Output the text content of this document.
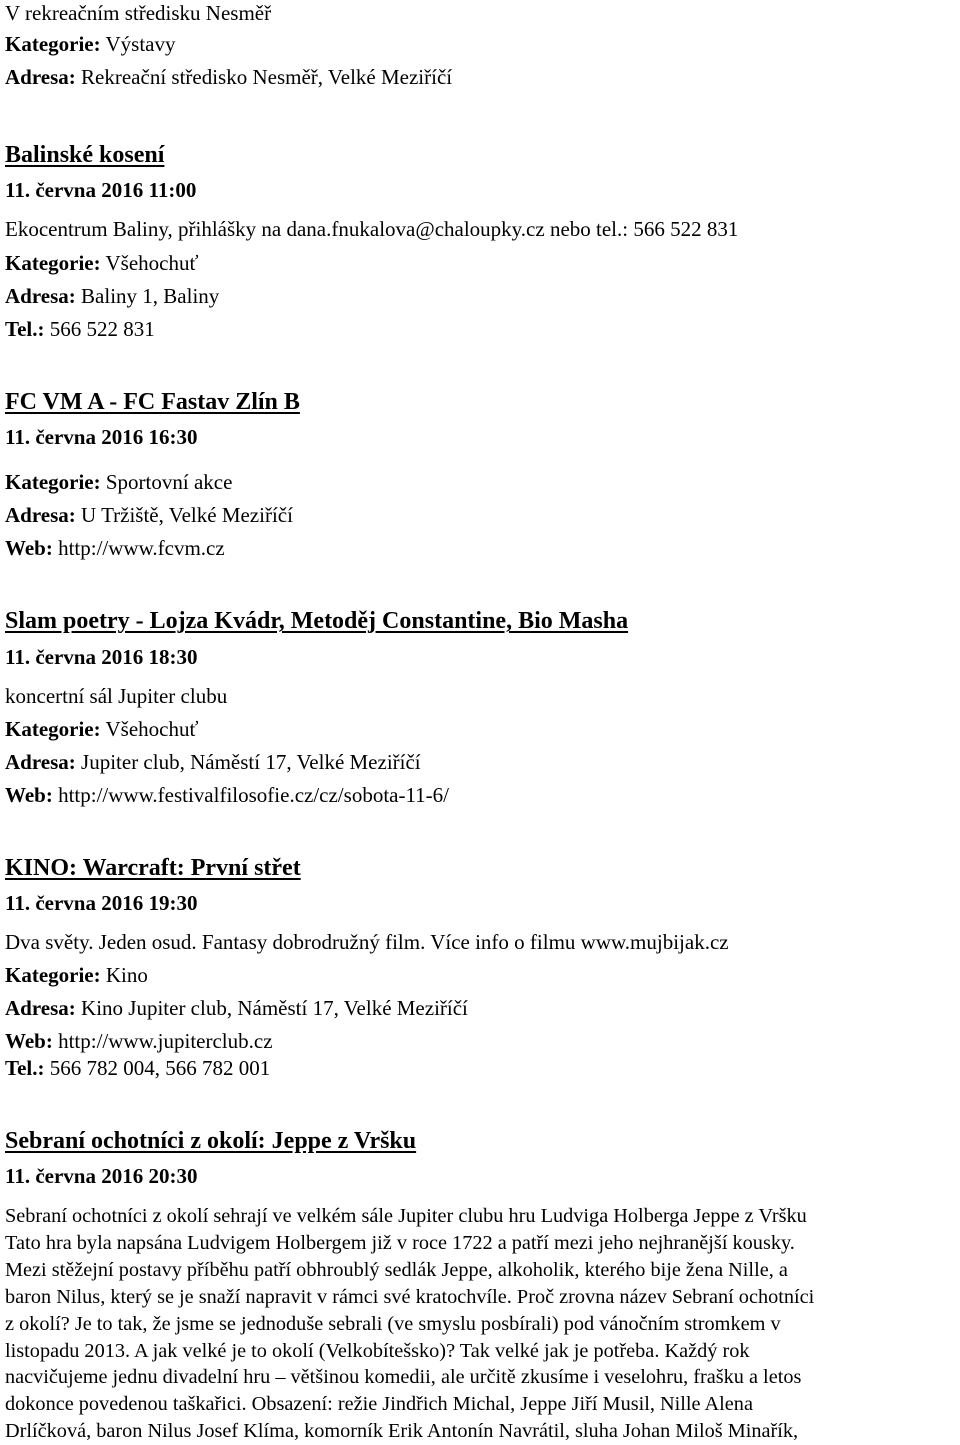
V rekreačním středisku Nesměř
Kategorie: Výstavy
Adresa: Rekreační středisko Nesměř, Velké Meziříčí
Balinské kosení
11. června 2016 11:00
Ekocentrum Baliny, přihlášky na dana.fnukalova@chaloupky.cz nebo tel.: 566 522 831
Kategorie: Všehochuť
Adresa: Baliny 1, Baliny
Tel.: 566 522 831
FC VM A - FC Fastav Zlín B
11. června 2016 16:30
Kategorie: Sportovní akce
Adresa: U Tržiště, Velké Meziříčí
Web: http://www.fcvm.cz
Slam poetry - Lojza Kvádr, Metoděj Constantine, Bio Masha
11. června 2016 18:30
koncertní sál Jupiter clubu
Kategorie: Všehochuť
Adresa: Jupiter club, Náměstí 17, Velké Meziříčí
Web: http://www.festivalfilosofie.cz/cz/sobota-11-6/
KINO: Warcraft: První střet
11. června 2016 19:30
Dva světy. Jeden osud. Fantasy dobrodružný film. Více info o filmu www.mujbijak.cz
Kategorie: Kino
Adresa: Kino Jupiter club, Náměstí 17, Velké Meziříčí
Web: http://www.jupiterclub.cz
Tel.: 566 782 004, 566 782 001
Sebraní ochotníci z okolí: Jeppe z Vršku
11. června 2016 20:30
Sebraní ochotníci z okolí sehrají ve velkém sále Jupiter clubu hru Ludviga Holberga Jeppe z Vršku
Tato hra byla napsána Ludvigem Holbergem již v roce 1722 a patří mezi jeho nejhranější kousky.
Mezi stěžejní postavy příběhu patří obhroublý sedlák Jeppe, alkoholik, kterého bije žena Nille, a
baron Nilus, který se je snaží napravit v rámci své kratochvíle. Proč zrovna název Sebraní ochotníci
z okolí? Je to tak, že jsme se jednoduše sebrali (ve smyslu posbírali) pod vánočním stromkem v
listopadu 2013. A jak velké je to okolí (Velkobítešsko)? Tak velké jak je potřeba. Každý rok
nacvičujeme jednu divadelní hru – většinou komedii, ale určitě zkusíme i veselohru, frašku a letos
dokonce povedenou taškařici. Obsazení: režie Jindřich Michal, Jeppe Jiří Musil, Nille Alena
Drlíčková, baron Nilus Josef Klíma, komorník Erik Antonín Navrátil, sluha Johan Miloš Minařík,
